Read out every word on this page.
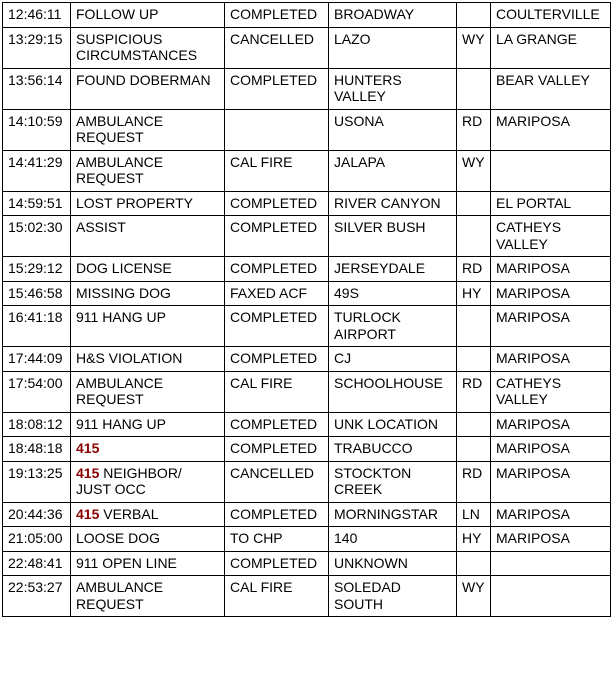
12:46:11	FOLLOW UP	COMPLETED	BROADWAY		COULTERVILLE
13:29:15	SUSPICIOUS CIRCUMSTANCES	CANCELLED	LAZO	WY	LA GRANGE
13:56:14	FOUND DOBERMAN	COMPLETED	HUNTERS VALLEY		BEAR VALLEY
14:10:59	AMBULANCE REQUEST		USONA	RD	MARIPOSA
14:41:29	AMBULANCE REQUEST	CAL FIRE	JALAPA	WY	
14:59:51	LOST PROPERTY	COMPLETED	RIVER CANYON		EL PORTAL
15:02:30	ASSIST	COMPLETED	SILVER BUSH		CATHEYS VALLEY
15:29:12	DOG LICENSE	COMPLETED	JERSEYDALE	RD	MARIPOSA
15:46:58	MISSING DOG	FAXED ACF	49S	HY	MARIPOSA
16:41:18	911 HANG UP	COMPLETED	TURLOCK AIRPORT		MARIPOSA
17:44:09	H&S VIOLATION	COMPLETED	CJ		MARIPOSA
17:54:00	AMBULANCE REQUEST	CAL FIRE	SCHOOLHOUSE	RD	CATHEYS VALLEY
18:08:12	911 HANG UP	COMPLETED	UNK LOCATION		MARIPOSA
18:48:18	415	COMPLETED	TRABUCCO		MARIPOSA
19:13:25	415 NEIGHBOR/ JUST OCC	CANCELLED	STOCKTON CREEK	RD	MARIPOSA
20:44:36	415 VERBAL	COMPLETED	MORNINGSTAR	LN	MARIPOSA
21:05:00	LOOSE DOG	TO CHP	140	HY	MARIPOSA
22:48:41	911 OPEN LINE	COMPLETED	UNKNOWN		
22:53:27	AMBULANCE REQUEST	CAL FIRE	SOLEDAD SOUTH	WY	
